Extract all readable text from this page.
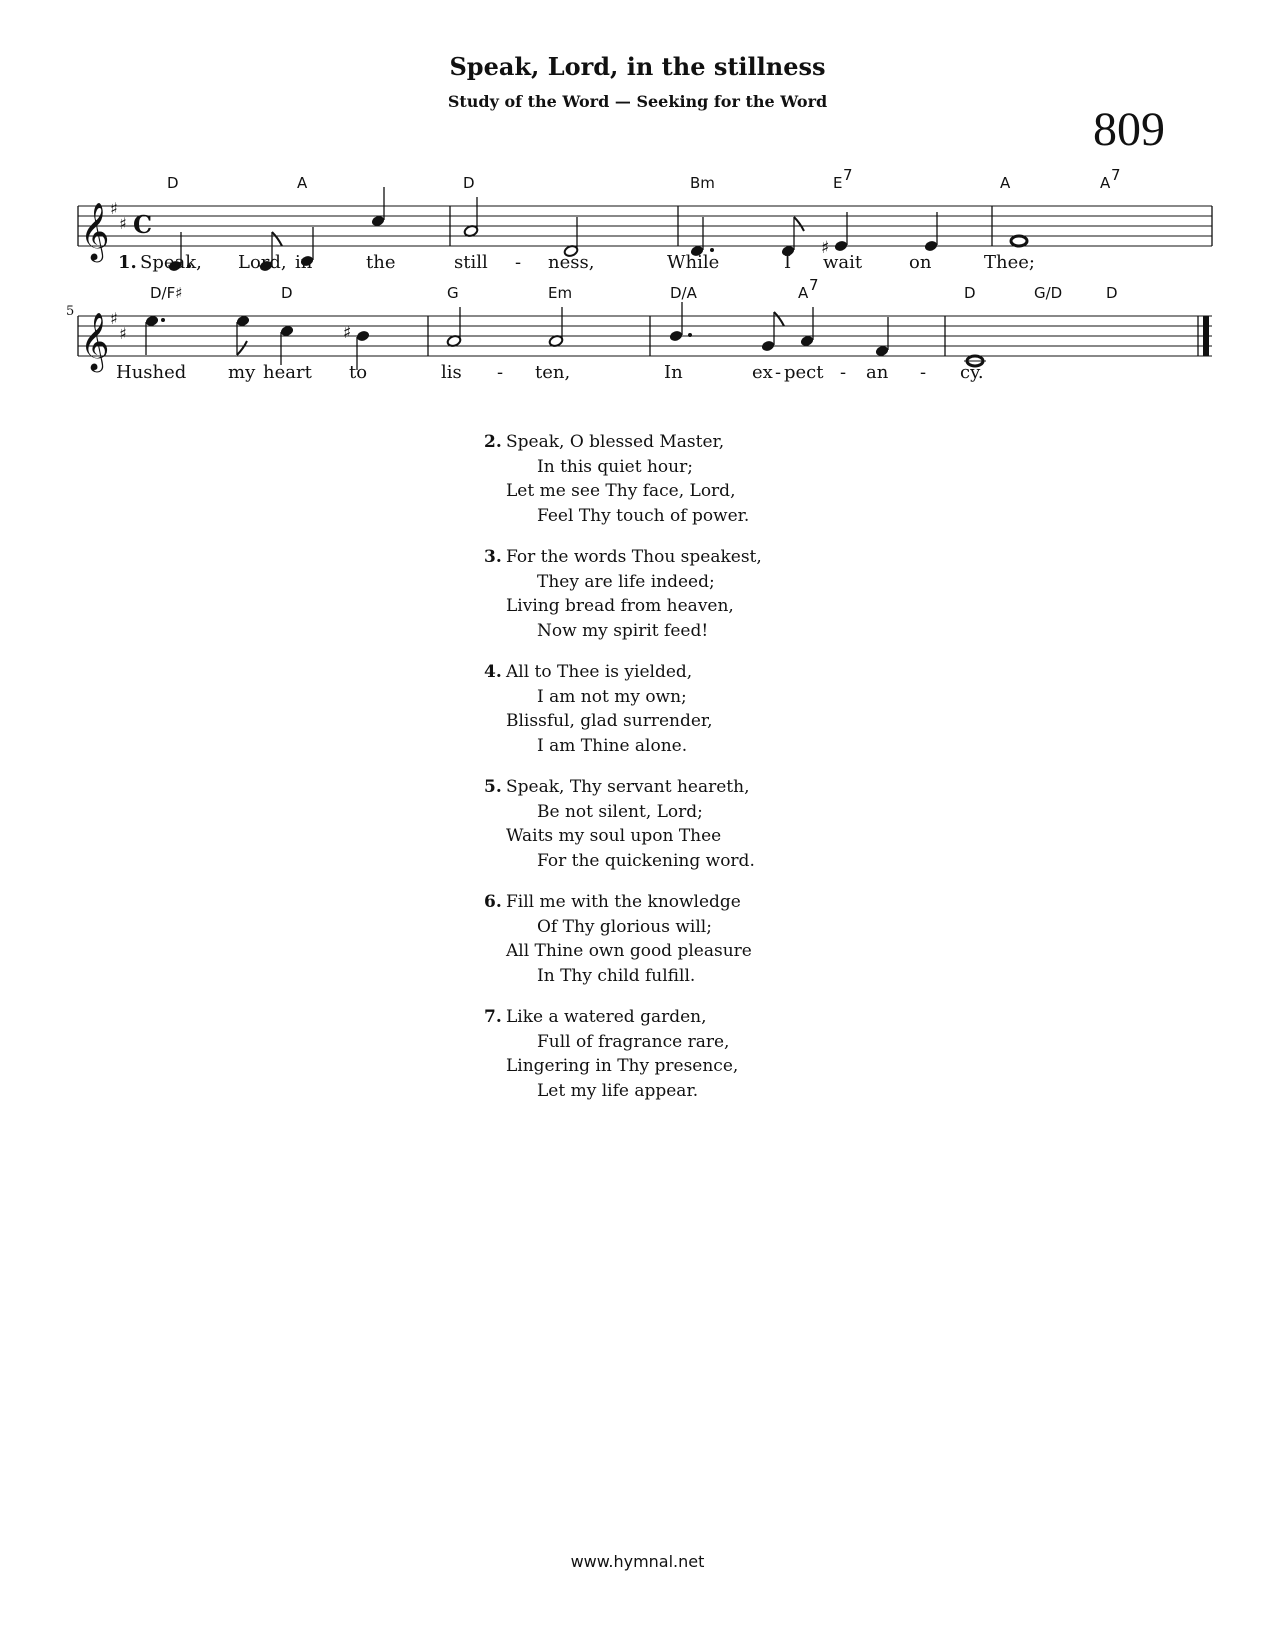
Speak, Lord, in the stillness
Study of the Word — Seeking for the Word
809
𝄞 ♯
♯ C
♯
D	A	D	Bm	E 7	A	A 7
1. Speak, Lord, in	the	still - ness,	While	I wait	on	Thee;
5
𝄞 ♯
♯	♯
D/F♯	D	G	Em	D/A	A 7	D	G/D	D
Hushed my heart to	lis - ten,	In	ex - pect - an - cy.
2. Speak, O blessed Master,
In this quiet hour;
Let me see Thy face, Lord,
Feel Thy touch of power.
3. For the words Thou speakest,
They are life indeed;
Living bread from heaven,
Now my spirit feed!
4. All to Thee is yielded,
I am not my own;
Blissful, glad surrender,
I am Thine alone.
5. Speak, Thy servant heareth,
Be not silent, Lord;
Waits my soul upon Thee
For the quickening word.
6. Fill me with the knowledge
Of Thy glorious will;
All Thine own good pleasure
In Thy child fulfill.
7. Like a watered garden,
Full of fragrance rare,
Lingering in Thy presence,
Let my life appear.
www.hymnal.net
